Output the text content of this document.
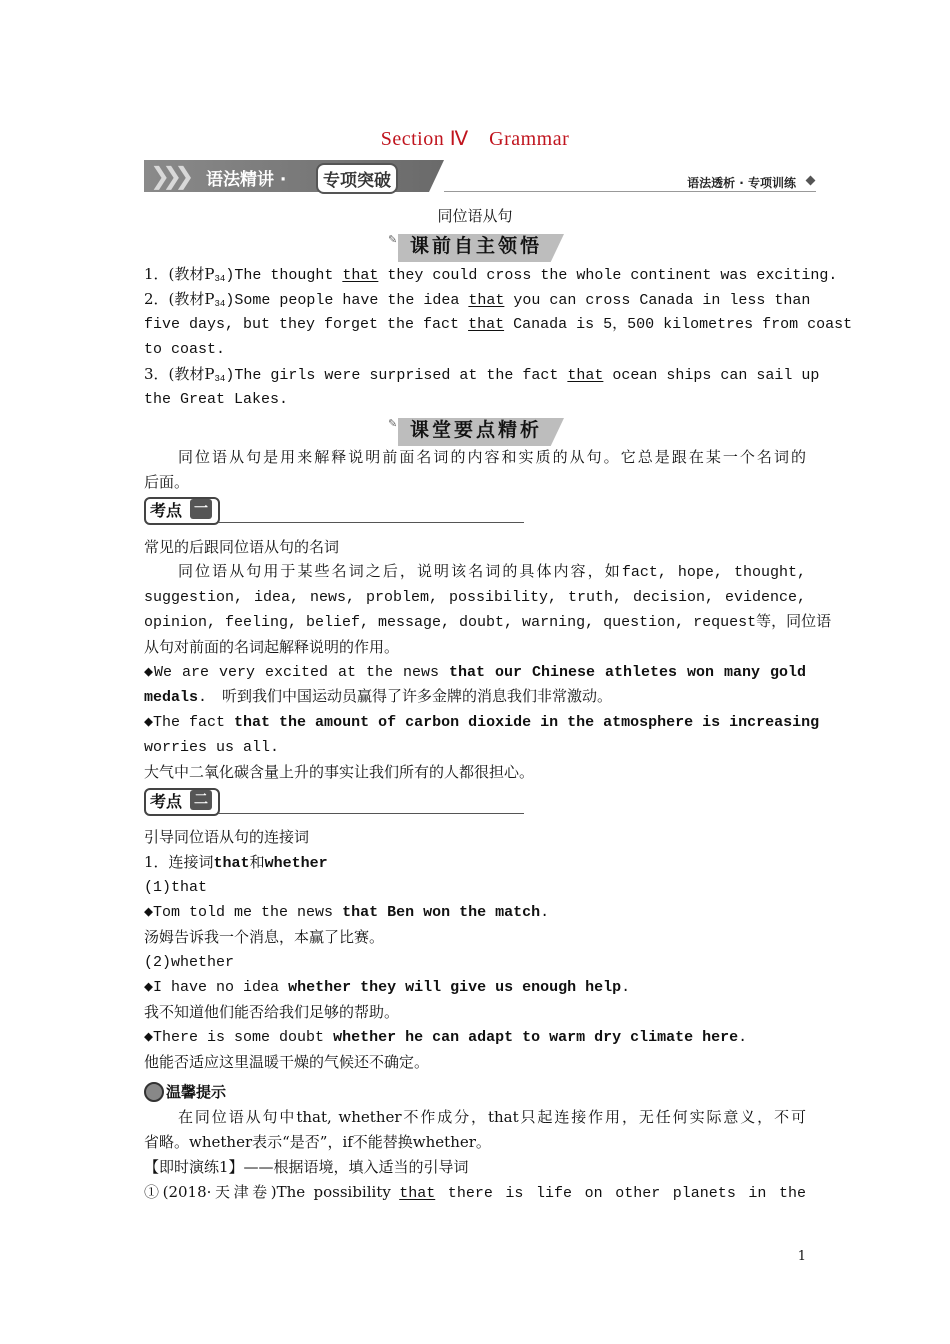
Section Ⅳ　Grammar
❯❯❯ 语法精讲 ·	专项突破	语法透析 · 专项训练
同位语从句
✎ 课前自主领悟
1．(教材$P_{34})The$ thought that they could cross the whole continent was exciting.
2．(教材$P_{34})Some$ people have the idea that you can cross Canada in less than
five days, but they forget the fact that Canada is 5，500 kilometres from coast
to coast.
3．(教材$P_{34})The$ girls were surprised at the fact that ocean ships can sail up
the Great Lakes.
✎ 课堂要点精析
同位语从句是用来解释说明前面名词的内容和实质的从句。它总是跟在某一个名词的
后面。
考点 一
常见的后跟同位语从句的名词
同位语从句用于某些名词之后，说明该名词的具体内容，如fact, hope, thought,
suggestion, idea, news, problem, possibility, truth, decision, evidence,
opinion, feeling, belief, message, doubt, warning, question, request等，同位语
从句对前面的名词起解释说明的作用。
◆We are very excited at the news that our Chinese athletes won many gold
medals.　听到我们中国运动员赢得了许多金牌的消息我们非常激动。
◆The fact that the amount of carbon dioxide in the atmosphere is increasing
worries us all.
大气中二氧化碳含量上升的事实让我们所有的人都很担心。
考点 二
引导同位语从句的连接词
1．连接词that和whether
(1)that
◆Tom told me the news that Ben won the match.
汤姆告诉我一个消息，本赢了比赛。
(2)whether
◆I have no idea whether they will give us enough help.
我不知道他们能否给我们足够的帮助。
◆There is some doubt whether he can adapt to warm dry climate here.
他能否适应这里温暖干燥的气候还不确定。
温馨提示
在同位语从句中that, whether不作成分，that只起连接作用，无任何实际意义，不可
省略。whether表示“是否”，if不能替换whether。
【即时演练1】——根据语境，填入适当的引导词
①(2018·天津卷)The possibility that there is life on other planets in the
1
